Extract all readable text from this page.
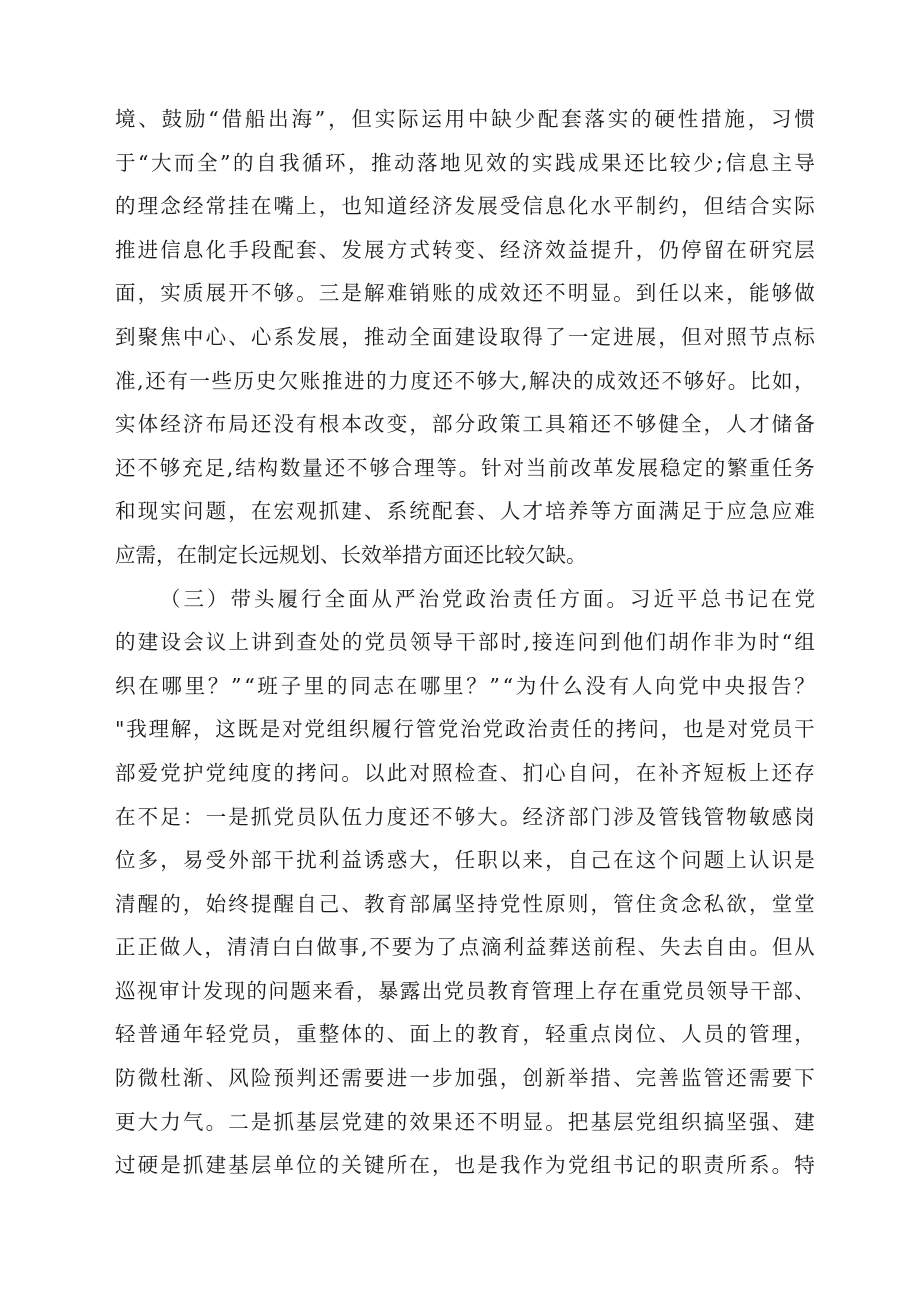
境 、 鼓 励 “ 借 船 出 海 ” ， 但 实 际 运 用 中 缺 少 配 套 落 实 的 硬 性 措 施 ， 习 惯
于 “ 大 而 全 ” 的 自 我 循 环 ， 推 动 落 地 见 效 的 实 践 成 果 还 比 较 少 ; 信 息 主 导
的 理 念 经 常 挂 在 嘴 上 ， 也 知 道 经 济 发 展 受 信 息 化 水 平 制 约 ， 但 结 合 实 际
推 进 信 息 化 手 段 配 套 、 发 展 方 式 转 变 、 经 济 效 益 提 升 ， 仍 停 留 在 研 究 层
面 ， 实 质 展 开 不 够 。 三 是 解 难 销 账 的 成 效 还 不 明 显 。 到 任 以 来 ， 能 够 做
到 聚 焦 中 心 、 心 系 发 展 ， 推 动 全 面 建 设 取 得 了 一 定 进 展 ， 但 对 照 节 点 标
准 , 还 有 一 些 历 史 欠 账 推 进 的 力 度 还 不 够 大 , 解 决 的 成 效 还 不 够 好 。 比 如 ，
实 体 经 济 布 局 还 没 有 根 本 改 变 ， 部 分 政 策 工 具 箱 还 不 够 健 全 ， 人 才 储 备
还 不 够 充 足 , 结 构 数 量 还 不 够 合 理 等 。 针 对 当 前 改 革 发 展 稳 定 的 繁 重 任 务
和 现 实 问 题 ， 在 宏 观 抓 建 、 系 统 配 套 、 人 才 培 养 等 方 面 满 足 于 应 急 应 难
应需，在制定长远规划、长效举措方面还比较欠缺。
（ 三 ） 带 头 履 行 全 面 从 严 治 党 政 治 责 任 方 面 。 习 近 平 总 书 记 在 党
的 建 设 会 议 上 讲 到 查 处 的 党 员 领 导 干 部 时 , 接 连 问 到 他 们 胡 作 非 为 时 “ 组
织 在 哪 里 ？ ” “ 班 子 里 的 同 志 在 哪 里 ？ ” “ 为 什 么 没 有 人 向 党 中 央 报 告 ？
" 我 理 解 ， 这 既 是 对 党 组 织 履 行 管 党 治 党 政 治 责 任 的 拷 问 ， 也 是 对 党 员 干
部 爱 党 护 党 纯 度 的 拷 问 。 以 此 对 照 检 查 、 扪 心 自 问 ， 在 补 齐 短 板 上 还 存
在 不 足 ： 一 是 抓 党 员 队 伍 力 度 还 不 够 大 。 经 济 部 门 涉 及 管 钱 管 物 敏 感 岗
位 多 ， 易 受 外 部 干 扰 利 益 诱 惑 大 ， 任 职 以 来 ， 自 己 在 这 个 问 题 上 认 识 是
清 醒 的 ， 始 终 提 醒 自 己 、 教 育 部 属 坚 持 党 性 原 则 ， 管 住 贪 念 私 欲 ， 堂 堂
正 正 做 人 ， 清 清 白 白 做 事 , 不 要 为 了 点 滴 利 益 葬 送 前 程 、 失 去 自 由 。 但 从
巡 视 审 计 发 现 的 问 题 来 看 ， 暴 露 出 党 员 教 育 管 理 上 存 在 重 党 员 领 导 干 部 、
轻 普 通 年 轻 党 员 ， 重 整 体 的 、 面 上 的 教 育 ， 轻 重 点 岗 位 、 人 员 的 管 理 ，
防 微 杜 渐 、 风 险 预 判 还 需 要 进 一 步 加 强 ， 创 新 举 措 、 完 善 监 管 还 需 要 下
更 大 力 气 。 二 是 抓 基 层 党 建 的 效 果 还 不 明 显 。 把 基 层 党 组 织 搞 坚 强 、 建
过 硬 是 抓 建 基 层 单 位 的 关 键 所 在 ， 也 是 我 作 为 党 组 书 记 的 职 责 所 系 。 特
